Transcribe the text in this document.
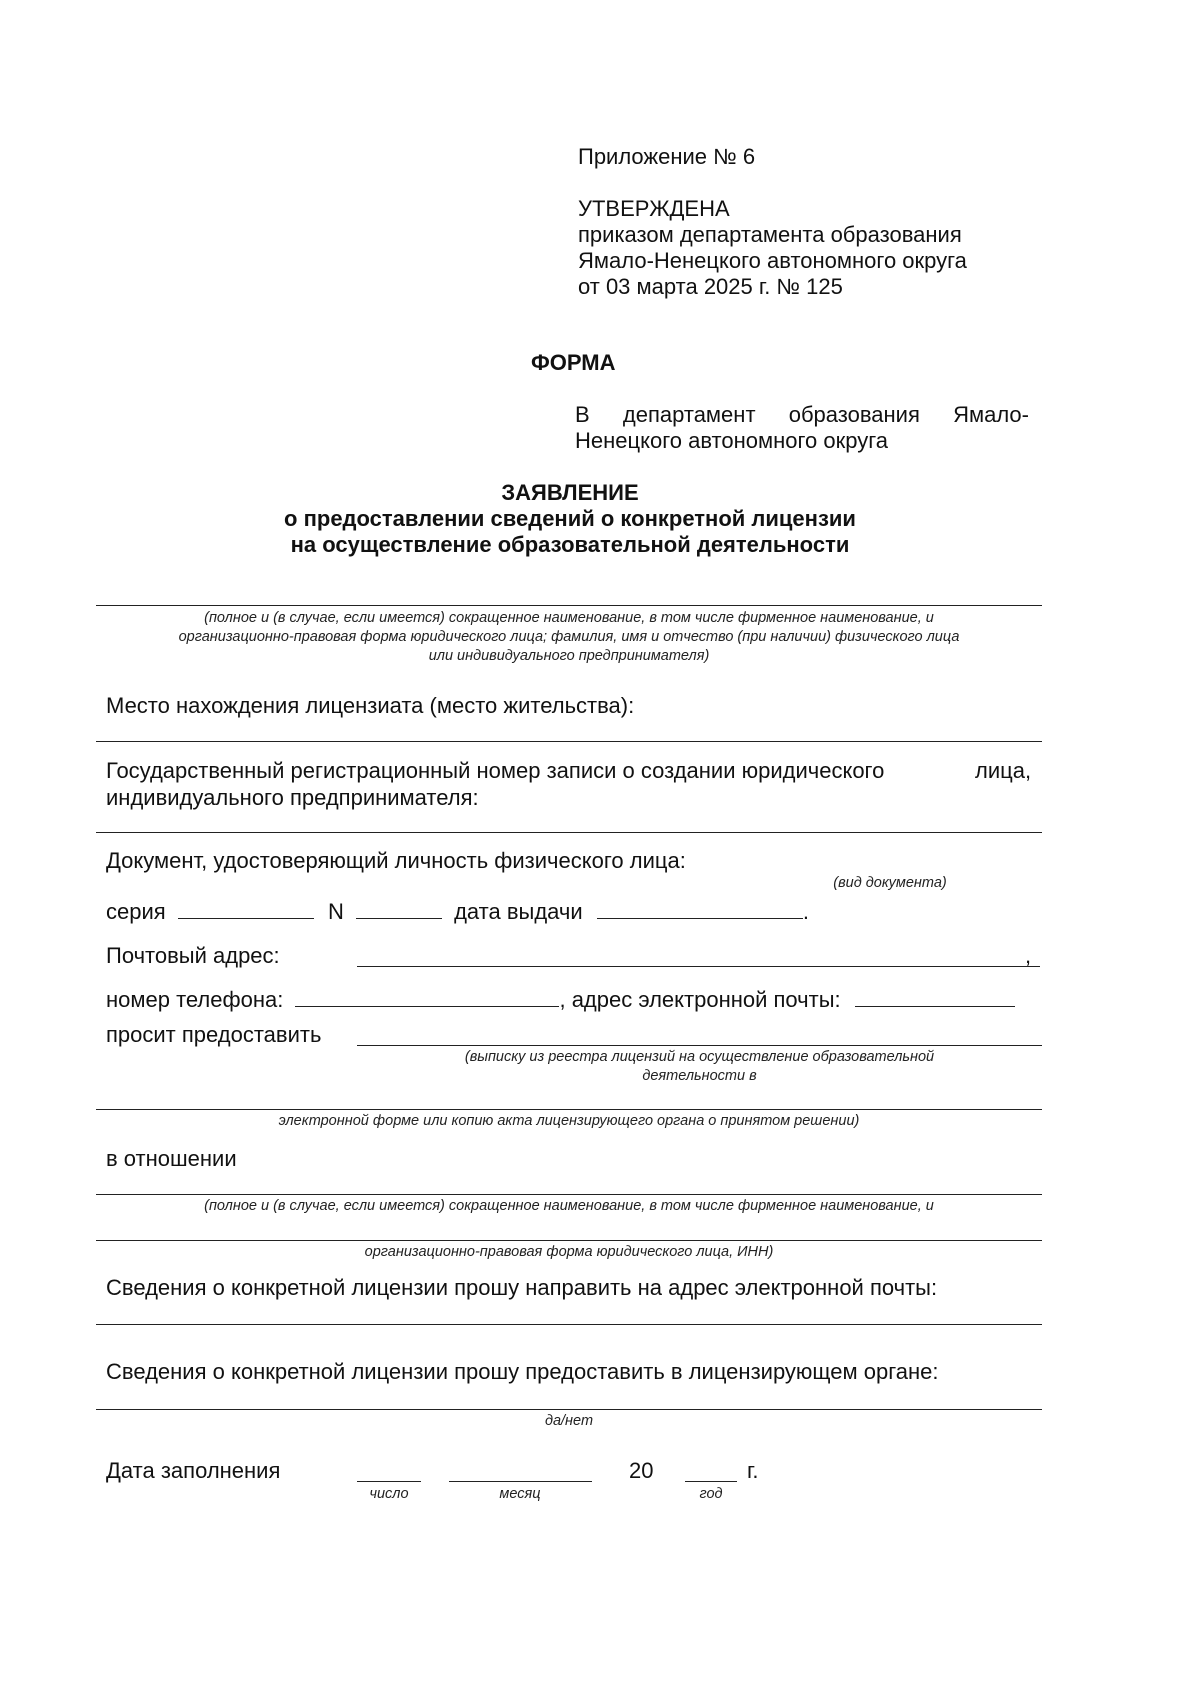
Приложение № 6
УТВЕРЖДЕНА
приказом департамента образования
Ямало-Ненецкого автономного округа
от 03 марта 2025 г. № 125
ФОРМА
В департамент образования Ямало-
Ненецкого автономного округа
ЗАЯВЛЕНИЕ
о предоставлении сведений о конкретной лицензии
на осуществление образовательной деятельности
(полное и (в случае, если имеется) сокращенное наименование, в том числе фирменное наименование, и
организационно-правовая форма юридического лица; фамилия, имя и отчество (при наличии) физического лица
или индивидуального предпринимателя)
Место нахождения лицензиата (место жительства):
Государственный регистрационный номер записи о создании юридического	лица,
индивидуального предпринимателя:
Документ, удостоверяющий личность физического лица:
(вид документа)
серия	N	дата выдачи	.
Почтовый адрес:	,
номер телефона:	, адрес электронной почты:
просит предоставить
(выписку из реестра лицензий на осуществление образовательной
деятельности в
электронной форме или копию акта лицензирующего органа о принятом решении)
в отношении
(полное и (в случае, если имеется) сокращенное наименование, в том числе фирменное наименование, и
организационно-правовая форма юридического лица, ИНН)
Сведения о конкретной лицензии прошу направить на адрес электронной почты:
Сведения о конкретной лицензии прошу предоставить в лицензирующем органе:
да/нет
Дата заполнения	20	г.
число	месяц	год
